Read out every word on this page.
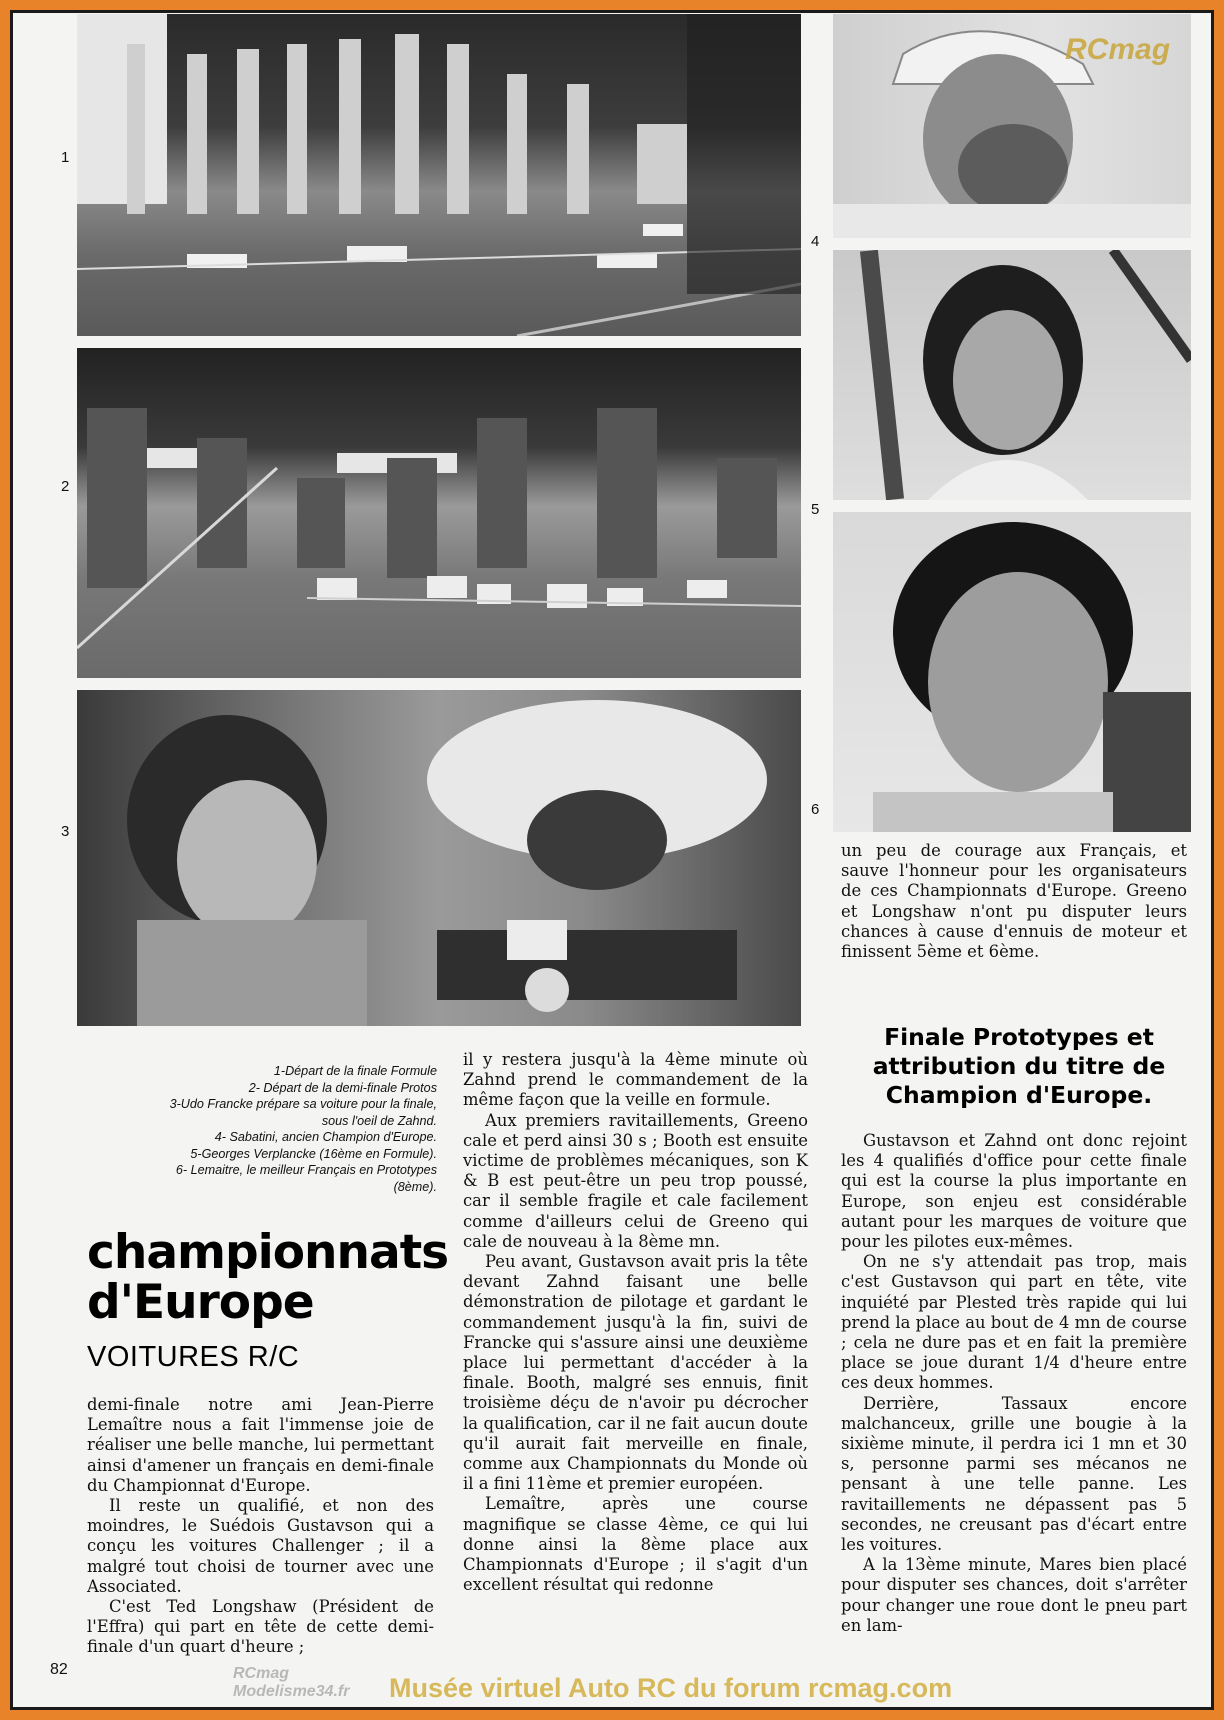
1
2
3
4
5
6
RCmag
1-Départ de la finale Formule
2- Départ de la demi-finale Protos
3-Udo Francke prépare sa voiture pour la finale,
sous l'oeil de Zahnd.
4- Sabatini, ancien Champion d'Europe.
5-Georges Verplancke (16ème en Formule).
6- Lemaitre, le meilleur Français en Prototypes
(8ème).
championnats
d'Europe
VOITURES R/C

demi-finale notre ami Jean-Pierre Lemaître nous a fait l'immense joie de réaliser une belle manche, lui permettant ainsi d'amener un français en demi-finale du Championnat d'Europe.

Il reste un qualifié, et non des moindres, le Suédois Gustavson qui a conçu les voitures Challenger ; il a malgré tout choisi de tourner avec une Associated.

C'est Ted Longshaw (Président de l'Effra) qui part en tête de cette demi-finale d'un quart d'heure ;

il y restera jusqu'à la 4ème minute où Zahnd prend le commandement de la même façon que la veille en formule.

Aux premiers ravitaillements, Greeno cale et perd ainsi 30 s ; Booth est ensuite victime de problèmes mécaniques, son K & B est peut-être un peu trop poussé, car il semble fragile et cale facilement comme d'ailleurs celui de Greeno qui cale de nouveau à la 8ème mn.

Peu avant, Gustavson avait pris la tête devant Zahnd faisant une belle démonstration de pilotage et gardant le commandement jusqu'à la fin, suivi de Francke qui s'assure ainsi une deuxième place lui permettant d'accéder à la finale. Booth, malgré ses ennuis, finit troisième déçu de n'avoir pu décrocher la qualification, car il ne fait aucun doute qu'il aurait fait merveille en finale, comme aux Championnats du Monde où il a fini 11ème et premier européen.

Lemaître, après une course magnifique se classe 4ème, ce qui lui donne ainsi la 8ème place aux Championnats d'Europe ; il s'agit d'un excellent résultat qui redonne

un peu de courage aux Français, et sauve l'honneur pour les organisateurs de ces Championnats d'Europe. Greeno et Longshaw n'ont pu disputer leurs chances à cause d'ennuis de moteur et finissent 5ème et 6ème.

Finale Prototypes et attribution du titre de Champion d'Europe.

Gustavson et Zahnd ont donc rejoint les 4 qualifiés d'office pour cette finale qui est la course la plus importante en Europe, son enjeu est considérable autant pour les marques de voiture que pour les pilotes eux-mêmes.

On ne s'y attendait pas trop, mais c'est Gustavson qui part en tête, vite inquiété par Plested très rapide qui lui prend la place au bout de 4 mn de course ; cela ne dure pas et en fait la première place se joue durant 1/4 d'heure entre ces deux hommes.

Derrière, Tassaux encore malchanceux, grille une bougie à la sixième minute, il perdra ici 1 mn et 30 s, personne parmi ses mécanos ne pensant à une telle panne. Les ravitaillements ne dépassent pas 5 secondes, ne creusant pas d'écart entre les voitures.

A la 13ème minute, Mares bien placé pour disputer ses chances, doit s'arrêter pour changer une roue dont le pneu part en lam-

82	RCmag
Modelisme34.fr	Musée virtuel Auto RC du forum rcmag.com
